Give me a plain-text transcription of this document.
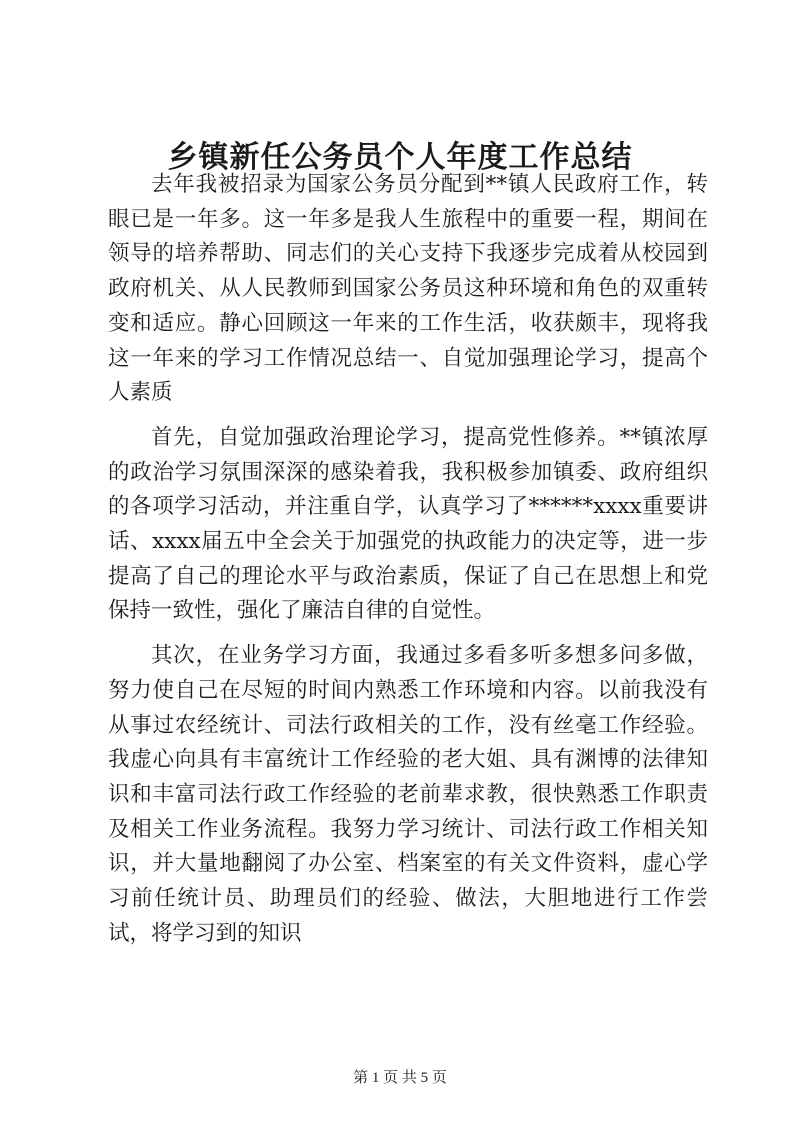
乡镇新任公务员个人年度工作总结

去年我被招录为国家公务员分配到**镇人民政府工作，转眼已是一年多。这一年多是我人生旅程中的重要一程，期间在领导的培养帮助、同志们的关心支持下我逐步完成着从校园到政府机关、从人民教师到国家公务员这种环境和角色的双重转变和适应。静心回顾这一年来的工作生活，收获颇丰，现将我这一年来的学习工作情况总结一、自觉加强理论学习，提高个人素质

首先，自觉加强政治理论学习，提高党性修养。**镇浓厚的政治学习氛围深深的感染着我，我积极参加镇委、政府组织的各项学习活动，并注重自学，认真学习了******xxxx重要讲话、xxxx届五中全会关于加强党的执政能力的决定等，进一步提高了自己的理论水平与政治素质，保证了自己在思想上和党保持一致性，强化了廉洁自律的自觉性。

其次，在业务学习方面，我通过多看多听多想多问多做，努力使自己在尽短的时间内熟悉工作环境和内容。以前我没有从事过农经统计、司法行政相关的工作，没有丝毫工作经验。我虚心向具有丰富统计工作经验的老大姐、具有渊博的法律知识和丰富司法行政工作经验的老前辈求教，很快熟悉工作职责及相关工作业务流程。我努力学习统计、司法行政工作相关知识，并大量地翻阅了办公室、档案室的有关文件资料，虚心学习前任统计员、助理员们的经验、做法，大胆地进行工作尝试，将学习到的知识

第 1 页 共 5 页
